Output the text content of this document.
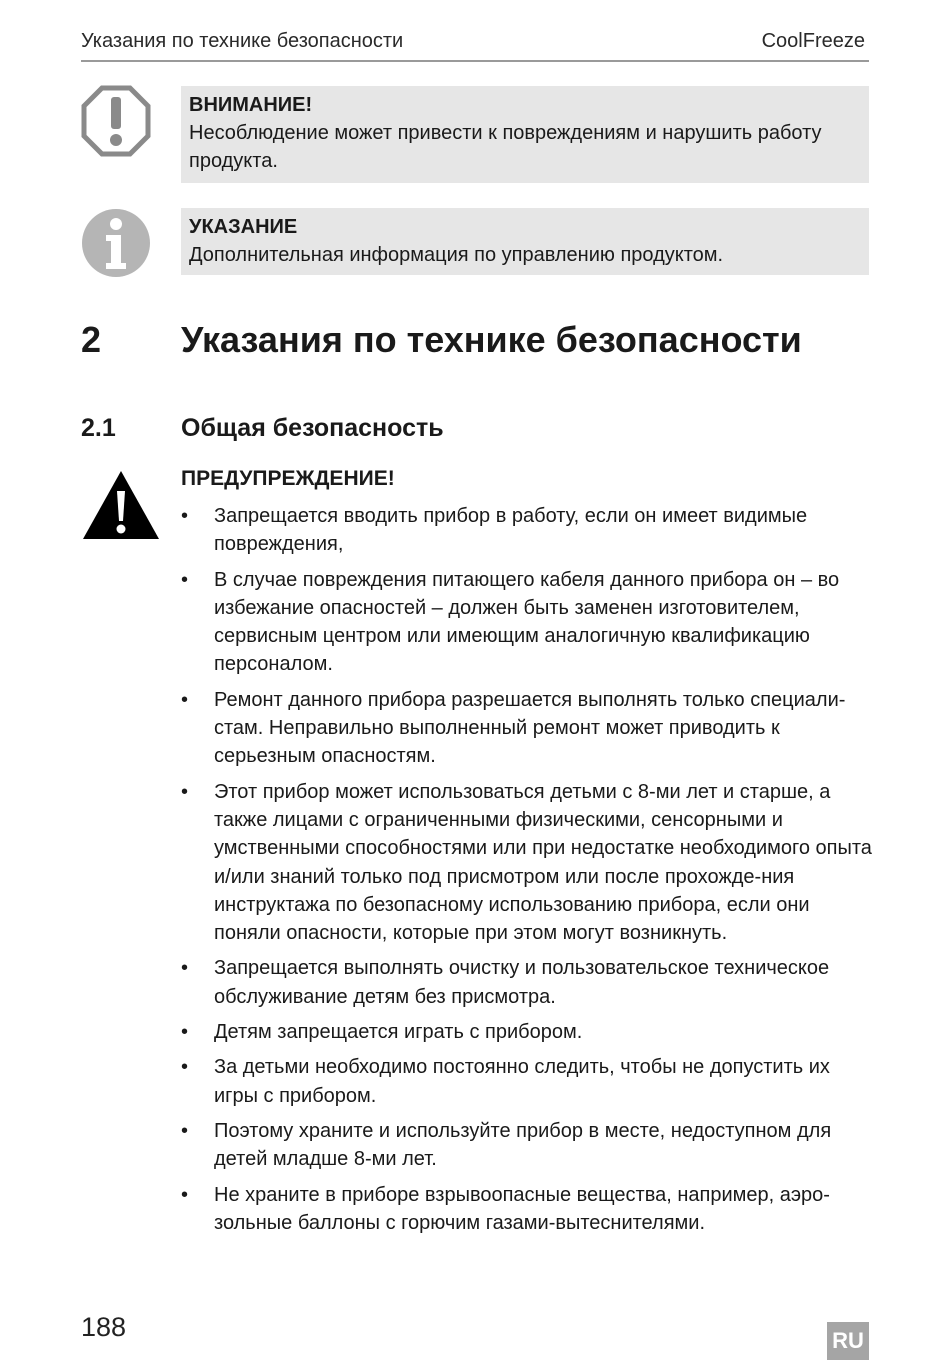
Указания по технике безопасности	CoolFreeze
ВНИМАНИЕ!
Несоблюдение может привести к повреждениям и нарушить работу продукта.
УКАЗАНИЕ
Дополнительная информация по управлению продуктом.
2 Указания по технике безопасности
2.1	Общая безопасность
ПРЕДУПРЕЖДЕНИЕ!
• Запрещается вводить прибор в работу, если он имеет видимые повреждения,
• В случае повреждения питающего кабеля данного прибора он – во избежание опасностей – должен быть заменен изготовителем, сервисным центром или имеющим аналогичную квалификацию персоналом.
• Ремонт данного прибора разрешается выполнять только специали-стам. Неправильно выполненный ремонт может приводить к серьезным опасностям.
• Этот прибор может использоваться детьми с 8-ми лет и старше, а также лицами с ограниченными физическими, сенсорными и умственными способностями или при недостатке необходимого опыта и/или знаний только под присмотром или после прохожде-ния инструктажа по безопасному использованию прибора, если они поняли опасности, которые при этом могут возникнуть.
• Запрещается выполнять очистку и пользовательское техническое обслуживание детям без присмотра.
• Детям запрещается играть с прибором.
• За детьми необходимо постоянно следить, чтобы не допустить их игры с прибором.
• Поэтому храните и используйте прибор в месте, недоступном для детей младше 8-ми лет.
• Не храните в приборе взрывоопасные вещества, например, аэро-зольные баллоны с горючим газами-вытеснителями.
188	RU
